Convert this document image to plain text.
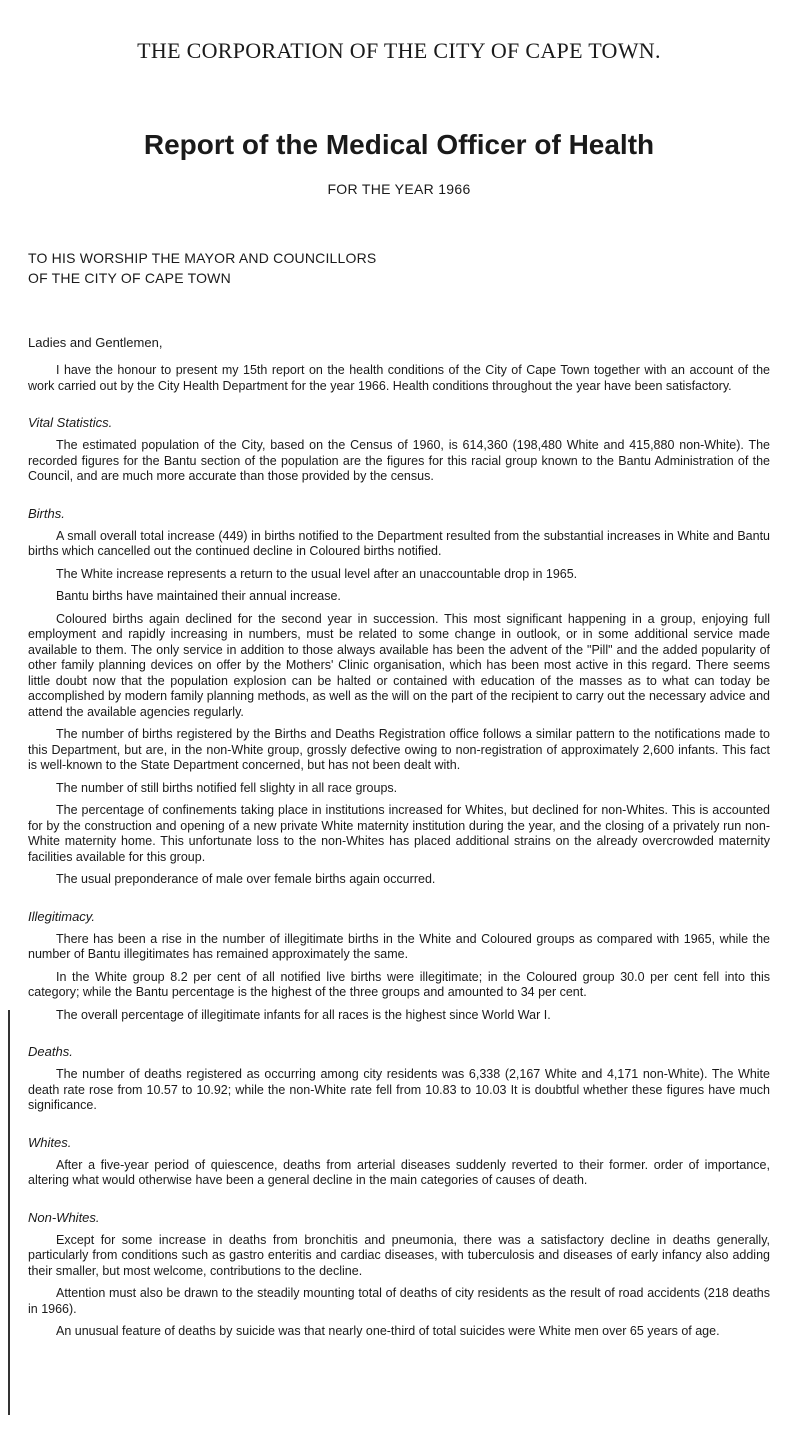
THE CORPORATION OF THE CITY OF CAPE TOWN.
Report of the Medical Officer of Health
FOR THE YEAR 1966
TO HIS WORSHIP THE MAYOR AND COUNCILLORS
OF THE CITY OF CAPE TOWN
Ladies and Gentlemen,

I have the honour to present my 15th report on the health conditions of the City of Cape Town together with an account of the work carried out by the City Health Department for the year 1966. Health conditions throughout the year have been satisfactory.

Vital Statistics.

The estimated population of the City, based on the Census of 1960, is 614,360 (198,480 White and 415,880 non-White). The recorded figures for the Bantu section of the population are the figures for this racial group known to the Bantu Administration of the Council, and are much more accurate than those provided by the census.

Births.

A small overall total increase (449) in births notified to the Department resulted from the substantial increases in White and Bantu births which cancelled out the continued decline in Coloured births notified.

The White increase represents a return to the usual level after an unaccountable drop in 1965.

Bantu births have maintained their annual increase.

Coloured births again declined for the second year in succession. This most significant happening in a group, enjoying full employment and rapidly increasing in numbers, must be related to some change in outlook, or in some additional service made available to them. The only service in addition to those always available has been the advent of the "Pill" and the added popularity of other family planning devices on offer by the Mothers' Clinic organisation, which has been most active in this regard. There seems little doubt now that the population explosion can be halted or contained with education of the masses as to what can today be accomplished by modern family planning methods, as well as the will on the part of the recipient to carry out the necessary advice and attend the available agencies regularly.

The number of births registered by the Births and Deaths Registration office follows a similar pattern to the notifications made to this Department, but are, in the non-White group, grossly defective owing to non-registration of approximately 2,600 infants. This fact is well-known to the State Department concerned, but has not been dealt with.

The number of still births notified fell slighty in all race groups.

The percentage of confinements taking place in institutions increased for Whites, but declined for non-Whites. This is accounted for by the construction and opening of a new private White maternity institution during the year, and the closing of a privately run non-White maternity home. This unfortunate loss to the non-Whites has placed additional strains on the already overcrowded maternity facilities available for this group.

The usual preponderance of male over female births again occurred.

Illegitimacy.

There has been a rise in the number of illegitimate births in the White and Coloured groups as compared with 1965, while the number of Bantu illegitimates has remained approximately the same.

In the White group 8.2 per cent of all notified live births were illegitimate; in the Coloured group 30.0 per cent fell into this category; while the Bantu percentage is the highest of the three groups and amounted to 34 per cent.

The overall percentage of illegitimate infants for all races is the highest since World War I.

Deaths.

The number of deaths registered as occurring among city residents was 6,338 (2,167 White and 4,171 non-White). The White death rate rose from 10.57 to 10.92; while the non-White rate fell from 10.83 to 10.03 It is doubtful whether these figures have much significance.

Whites.

After a five-year period of quiescence, deaths from arterial diseases suddenly reverted to their former. order of importance, altering what would otherwise have been a general decline in the main categories of causes of death.

Non-Whites.

Except for some increase in deaths from bronchitis and pneumonia, there was a satisfactory decline in deaths generally, particularly from conditions such as gastro enteritis and cardiac diseases, with tuberculosis and diseases of early infancy also adding their smaller, but most welcome, contributions to the decline.

Attention must also be drawn to the steadily mounting total of deaths of city residents as the result of road accidents (218 deaths in 1966).

An unusual feature of deaths by suicide was that nearly one-third of total suicides were White men over 65 years of age.
